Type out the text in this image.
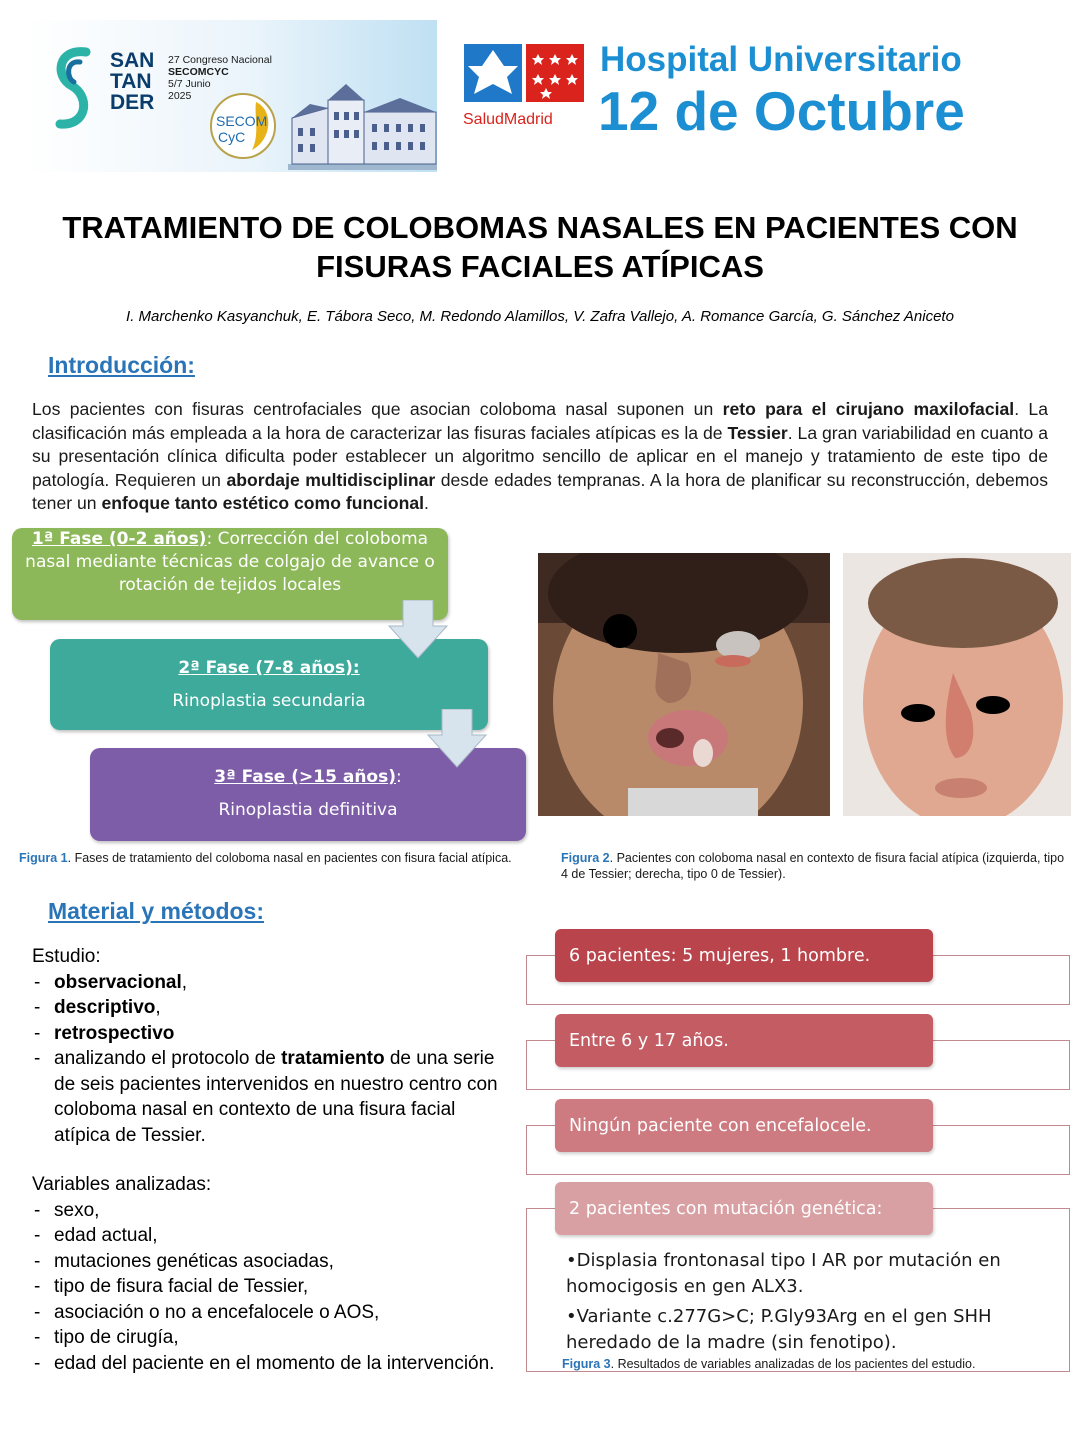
SAN
TAN
DER
27 Congreso Nacional
SECOMCYC
5/7 Junio
2025
SECOM
CyC
SaludMadrid
Hospital Universitario
12 de Octubre
TRATAMIENTO DE COLOBOMAS NASALES EN PACIENTES CON FISURAS FACIALES ATÍPICAS
I. Marchenko Kasyanchuk, E. Tábora Seco, M. Redondo Alamillos, V. Zafra Vallejo, A. Romance García, G. Sánchez Aniceto
Introducción:
Los pacientes con fisuras centrofaciales que asocian coloboma nasal suponen un reto para el cirujano maxilofacial. La clasificación más empleada a la hora de caracterizar las fisuras faciales atípicas es la de Tessier. La gran variabilidad en cuanto a su presentación clínica dificulta poder establecer un algoritmo sencillo de aplicar en el manejo y tratamiento de este tipo de patología. Requieren un abordaje multidisciplinar desde edades tempranas. A la hora de planificar su reconstrucción, debemos tener un enfoque tanto estético como funcional.
1ª Fase (0-2 años): Corrección del coloboma nasal mediante técnicas de colgajo de avance o rotación de tejidos locales
2ª Fase (7-8 años):
Rinoplastia secundaria
3ª Fase (>15 años):
Rinoplastia definitiva
Figura 1. Fases de tratamiento del coloboma nasal en pacientes con fisura facial atípica.	Figura 2. Pacientes con coloboma nasal en contexto de fisura facial atípica (izquierda, tipo 4 de Tessier; derecha, tipo 0 de Tessier).
Material y métodos:
Estudio:
- observacional,
- descriptivo,
- retrospectivo
- analizando el protocolo de tratamiento de una serie de seis pacientes intervenidos en nuestro centro con coloboma nasal en contexto de una fisura facial atípica de Tessier.
Variables analizadas:
- sexo,
- edad actual,
- mutaciones genéticas asociadas,
- tipo de fisura facial de Tessier,
- asociación o no a encefalocele o AOS,
- tipo de cirugía,
- edad del paciente en el momento de la intervención.
6 pacientes: 5 mujeres, 1 hombre.
Entre 6 y 17 años.
Ningún paciente con encefalocele.
2 pacientes con mutación genética:
•Displasia frontonasal tipo I AR por mutación en homocigosis en gen ALX3.
•Variante c.277G>C; P.Gly93Arg en el gen SHH heredado de la madre (sin fenotipo).
Figura 3. Resultados de variables analizadas de los pacientes del estudio.
